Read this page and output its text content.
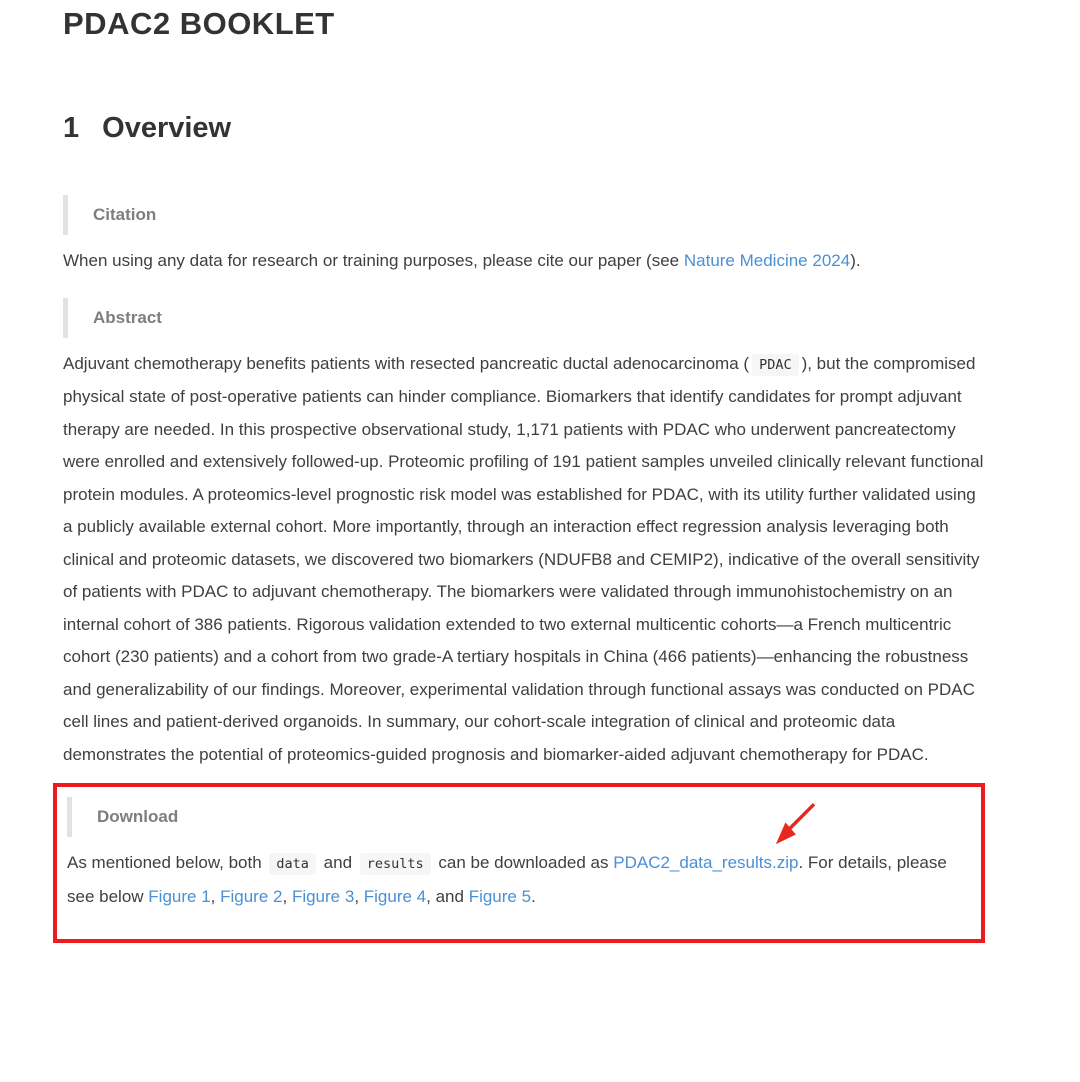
PDAC2 BOOKLET
1 Overview
Citation

When using any data for research or training purposes, please cite our paper (see Nature Medicine 2024).

Abstract

Adjuvant chemotherapy benefits patients with resected pancreatic ductal adenocarcinoma ( PDAC ), but the compromised physical state of post-operative patients can hinder compliance. Biomarkers that identify candidates for prompt adjuvant therapy are needed. In this prospective observational study, 1,171 patients with PDAC who underwent pancreatectomy were enrolled and extensively followed-up. Proteomic profiling of 191 patient samples unveiled clinically relevant functional protein modules. A proteomics-level prognostic risk model was established for PDAC, with its utility further validated using a publicly available external cohort. More importantly, through an interaction effect regression analysis leveraging both clinical and proteomic datasets, we discovered two biomarkers (NDUFB8 and CEMIP2), indicative of the overall sensitivity of patients with PDAC to adjuvant chemotherapy. The biomarkers were validated through immunohistochemistry on an internal cohort of 386 patients. Rigorous validation extended to two external multicentic cohorts—a French multicentric cohort (230 patients) and a cohort from two grade-A tertiary hospitals in China (466 patients)—enhancing the robustness and generalizability of our findings. Moreover, experimental validation through functional assays was conducted on PDAC cell lines and patient-derived organoids. In summary, our cohort-scale integration of clinical and proteomic data demonstrates the potential of proteomics-guided prognosis and biomarker-aided adjuvant chemotherapy for PDAC.

Download

As mentioned below, both data and results can be downloaded as PDAC2_data_results.zip. For details, please see below Figure 1, Figure 2, Figure 3, Figure 4, and Figure 5.
